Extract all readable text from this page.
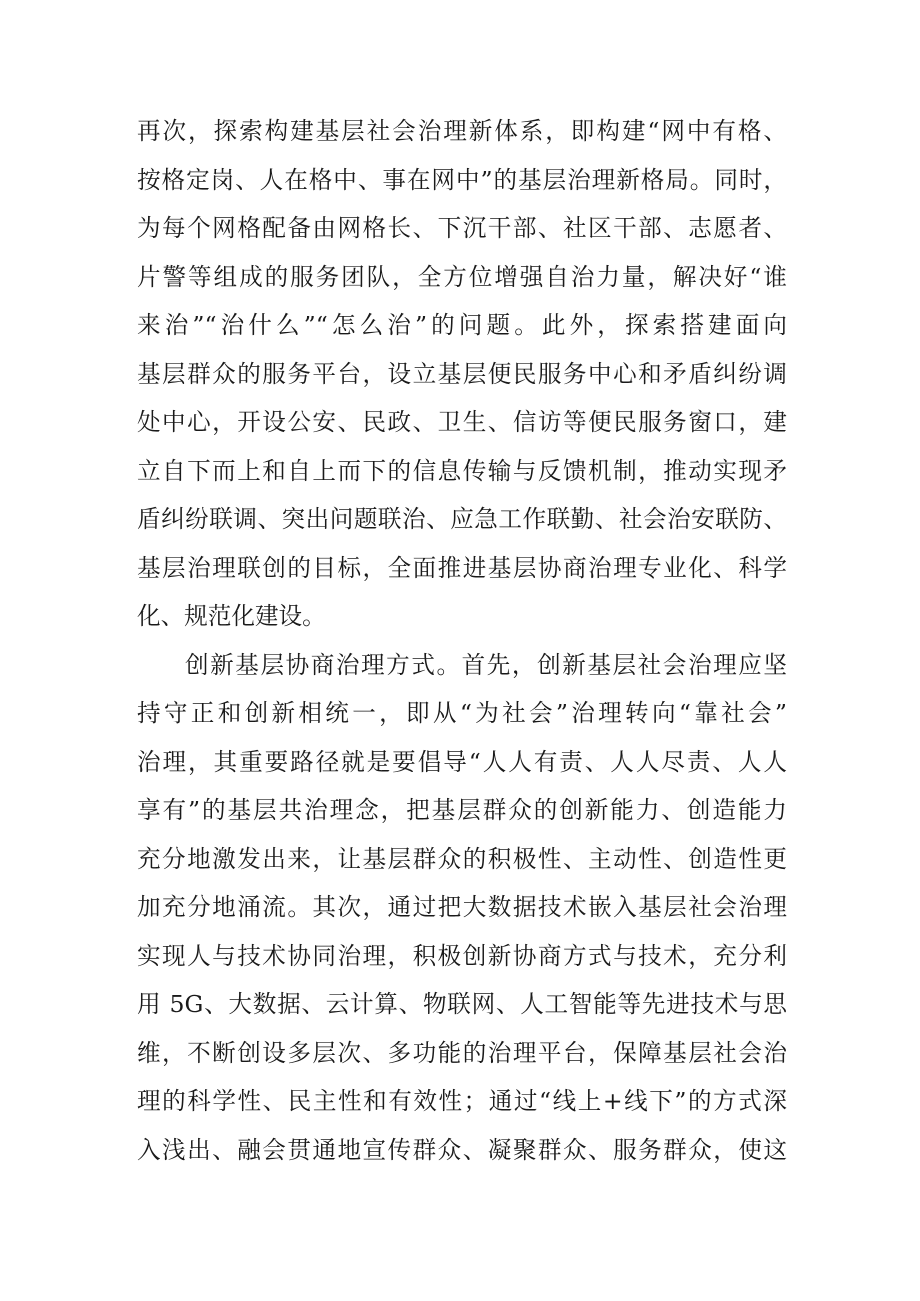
再次，探索构建基层社会治理新体系，即构建“网中有格、
按格定岗、人在格中、事在网中”的基层治理新格局。同时，
为每个网格配备由网格长、下沉干部、社区干部、志愿者、
片警等组成的服务团队，全方位增强自治力量，解决好“谁
来治”“治什么”“怎么治”的问题。此外，探索搭建面向
基层群众的服务平台，设立基层便民服务中心和矛盾纠纷调
处中心，开设公安、民政、卫生、信访等便民服务窗口，建
立自下而上和自上而下的信息传输与反馈机制，推动实现矛
盾纠纷联调、突出问题联治、应急工作联勤、社会治安联防、
基层治理联创的目标，全面推进基层协商治理专业化、科学
化、规范化建设。
创新基层协商治理方式。首先，创新基层社会治理应坚
持守正和创新相统一，即从“为社会”治理转向“靠社会”
治理，其重要路径就是要倡导“人人有责、人人尽责、人人
享有”的基层共治理念，把基层群众的创新能力、创造能力
充分地激发出来，让基层群众的积极性、主动性、创造性更
加充分地涌流。其次，通过把大数据技术嵌入基层社会治理
实现人与技术协同治理，积极创新协商方式与技术，充分利
用 5G、大数据、云计算、物联网、人工智能等先进技术与思
维，不断创设多层次、多功能的治理平台，保障基层社会治
理的科学性、民主性和有效性；通过“线上+线下”的方式深
入浅出、融会贯通地宣传群众、凝聚群众、服务群众，使这
